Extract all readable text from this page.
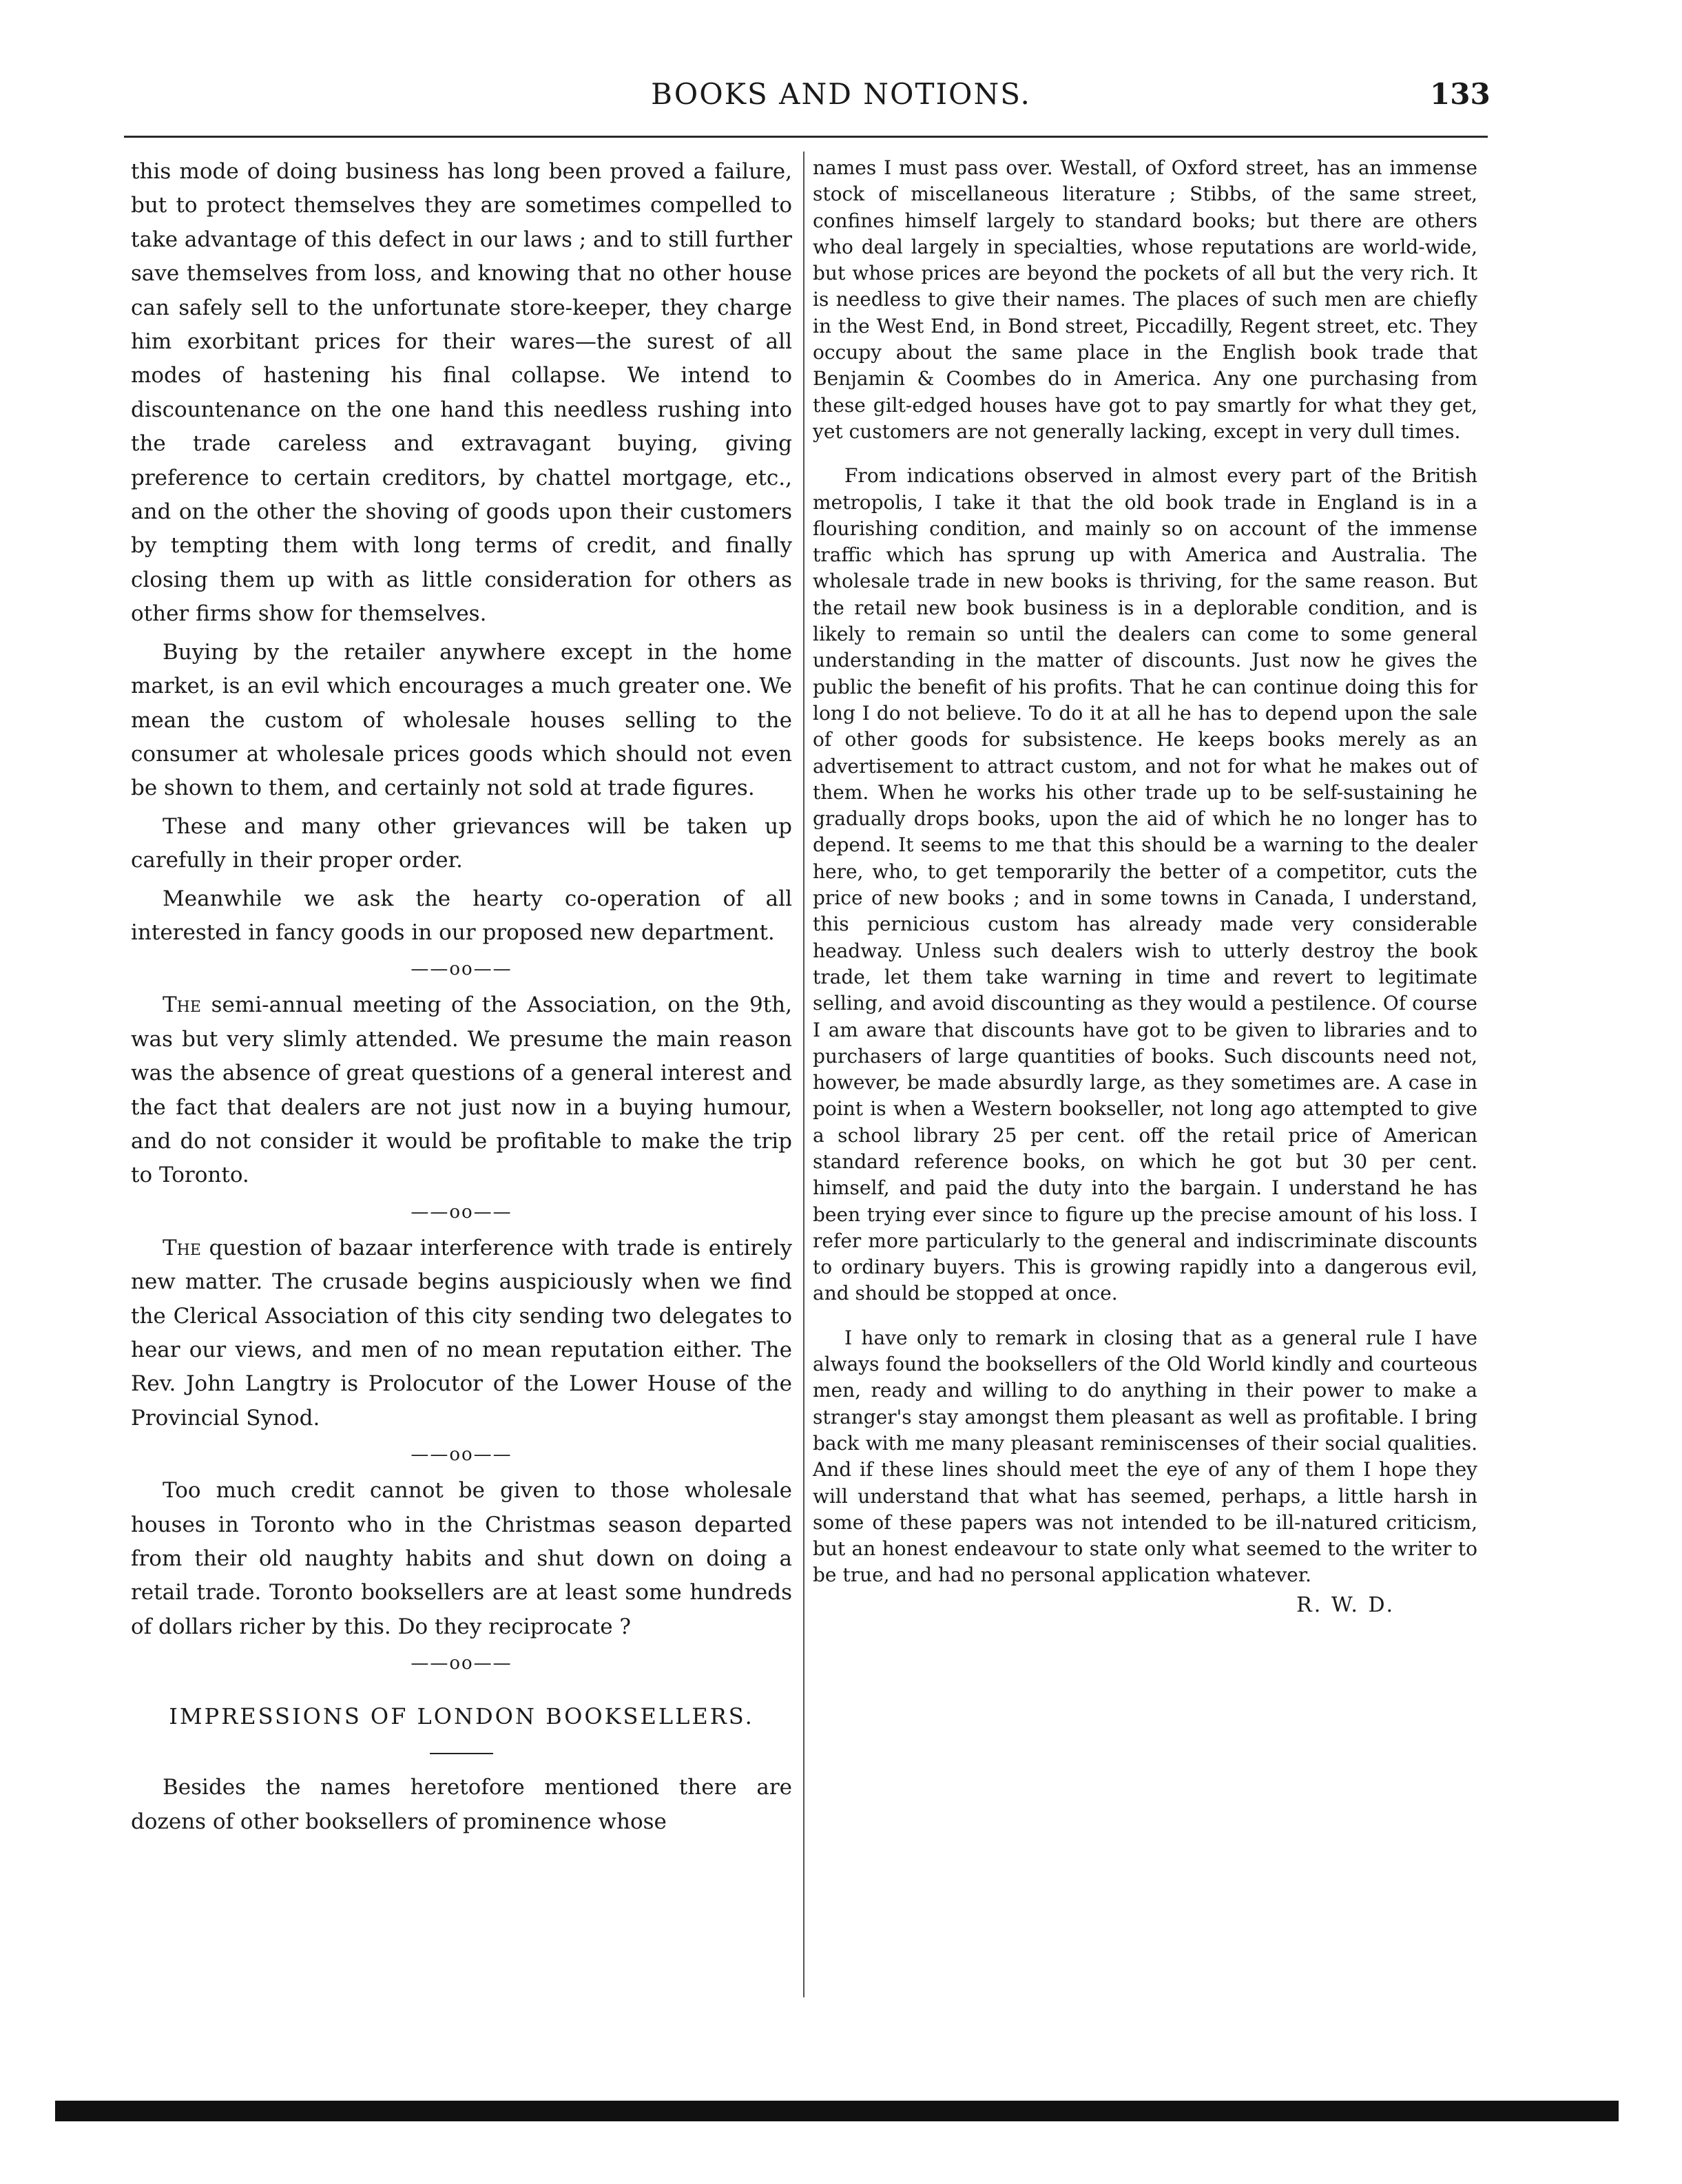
BOOKS AND NOTIONS.	133

this mode of doing business has long been proved a failure, but to protect themselves they are sometimes compelled to take advantage of this defect in our laws ; and to still further save themselves from loss, and knowing that no other house can safely sell to the unfortunate store-keeper, they charge him exorbitant prices for their wares—the surest of all modes of hastening his final collapse. We intend to discountenance on the one hand this needless rushing into the trade careless and extravagant buying, giving preference to certain creditors, by chattel mortgage, etc., and on the other the shoving of goods upon their customers by tempting them with long terms of credit, and finally closing them up with as little consideration for others as other firms show for themselves.

Buying by the retailer anywhere except in the home market, is an evil which encourages a much greater one. We mean the custom of wholesale houses selling to the consumer at wholesale prices goods which should not even be shown to them, and certainly not sold at trade figures.

These and many other grievances will be taken up carefully in their proper order.

Meanwhile we ask the hearty co-operation of all interested in fancy goods in our proposed new department.

——oo——

The semi-annual meeting of the Association, on the 9th, was but very slimly attended. We presume the main reason was the absence of great questions of a general interest and the fact that dealers are not just now in a buying humour, and do not consider it would be profitable to make the trip to Toronto.

——oo——

The question of bazaar interference with trade is entirely new matter. The crusade begins auspiciously when we find the Clerical Association of this city sending two delegates to hear our views, and men of no mean reputation either. The Rev. John Langtry is Prolocutor of the Lower House of the Provincial Synod.

——oo——

Too much credit cannot be given to those wholesale houses in Toronto who in the Christmas season departed from their old naughty habits and shut down on doing a retail trade. Toronto booksellers are at least some hundreds of dollars richer by this. Do they reciprocate ?

——oo——
IMPRESSIONS OF LONDON BOOKSELLERS.

Besides the names heretofore mentioned there are dozens of other booksellers of prominence whose

names I must pass over. Westall, of Oxford street, has an immense stock of miscellaneous literature ; Stibbs, of the same street, confines himself largely to standard books; but there are others who deal largely in specialties, whose reputations are world-wide, but whose prices are beyond the pockets of all but the very rich. It is needless to give their names. The places of such men are chiefly in the West End, in Bond street, Piccadilly, Regent street, etc. They occupy about the same place in the English book trade that Benjamin & Coombes do in America. Any one purchasing from these gilt-edged houses have got to pay smartly for what they get, yet customers are not generally lacking, except in very dull times.

From indications observed in almost every part of the British metropolis, I take it that the old book trade in England is in a flourishing condition, and mainly so on account of the immense traffic which has sprung up with America and Australia. The wholesale trade in new books is thriving, for the same reason. But the retail new book business is in a deplorable condition, and is likely to remain so until the dealers can come to some general understanding in the matter of discounts. Just now he gives the public the benefit of his profits. That he can continue doing this for long I do not believe. To do it at all he has to depend upon the sale of other goods for subsistence. He keeps books merely as an advertisement to attract custom, and not for what he makes out of them. When he works his other trade up to be self-sustaining he gradually drops books, upon the aid of which he no longer has to depend. It seems to me that this should be a warning to the dealer here, who, to get temporarily the better of a competitor, cuts the price of new books ; and in some towns in Canada, I understand, this pernicious custom has already made very considerable headway. Unless such dealers wish to utterly destroy the book trade, let them take warning in time and revert to legitimate selling, and avoid discounting as they would a pestilence. Of course I am aware that discounts have got to be given to libraries and to purchasers of large quantities of books. Such discounts need not, however, be made absurdly large, as they sometimes are. A case in point is when a Western bookseller, not long ago attempted to give a school library 25 per cent. off the retail price of American standard reference books, on which he got but 30 per cent. himself, and paid the duty into the bargain. I understand he has been trying ever since to figure up the precise amount of his loss. I refer more particularly to the general and indiscriminate discounts to ordinary buyers. This is growing rapidly into a dangerous evil, and should be stopped at once.

I have only to remark in closing that as a general rule I have always found the booksellers of the Old World kindly and courteous men, ready and willing to do anything in their power to make a stranger's stay amongst them pleasant as well as profitable. I bring back with me many pleasant reminiscenses of their social qualities. And if these lines should meet the eye of any of them I hope they will understand that what has seemed, perhaps, a little harsh in some of these papers was not intended to be ill-natured criticism, but an honest endeavour to state only what seemed to the writer to be true, and had no personal application whatever.

R. W. D.
